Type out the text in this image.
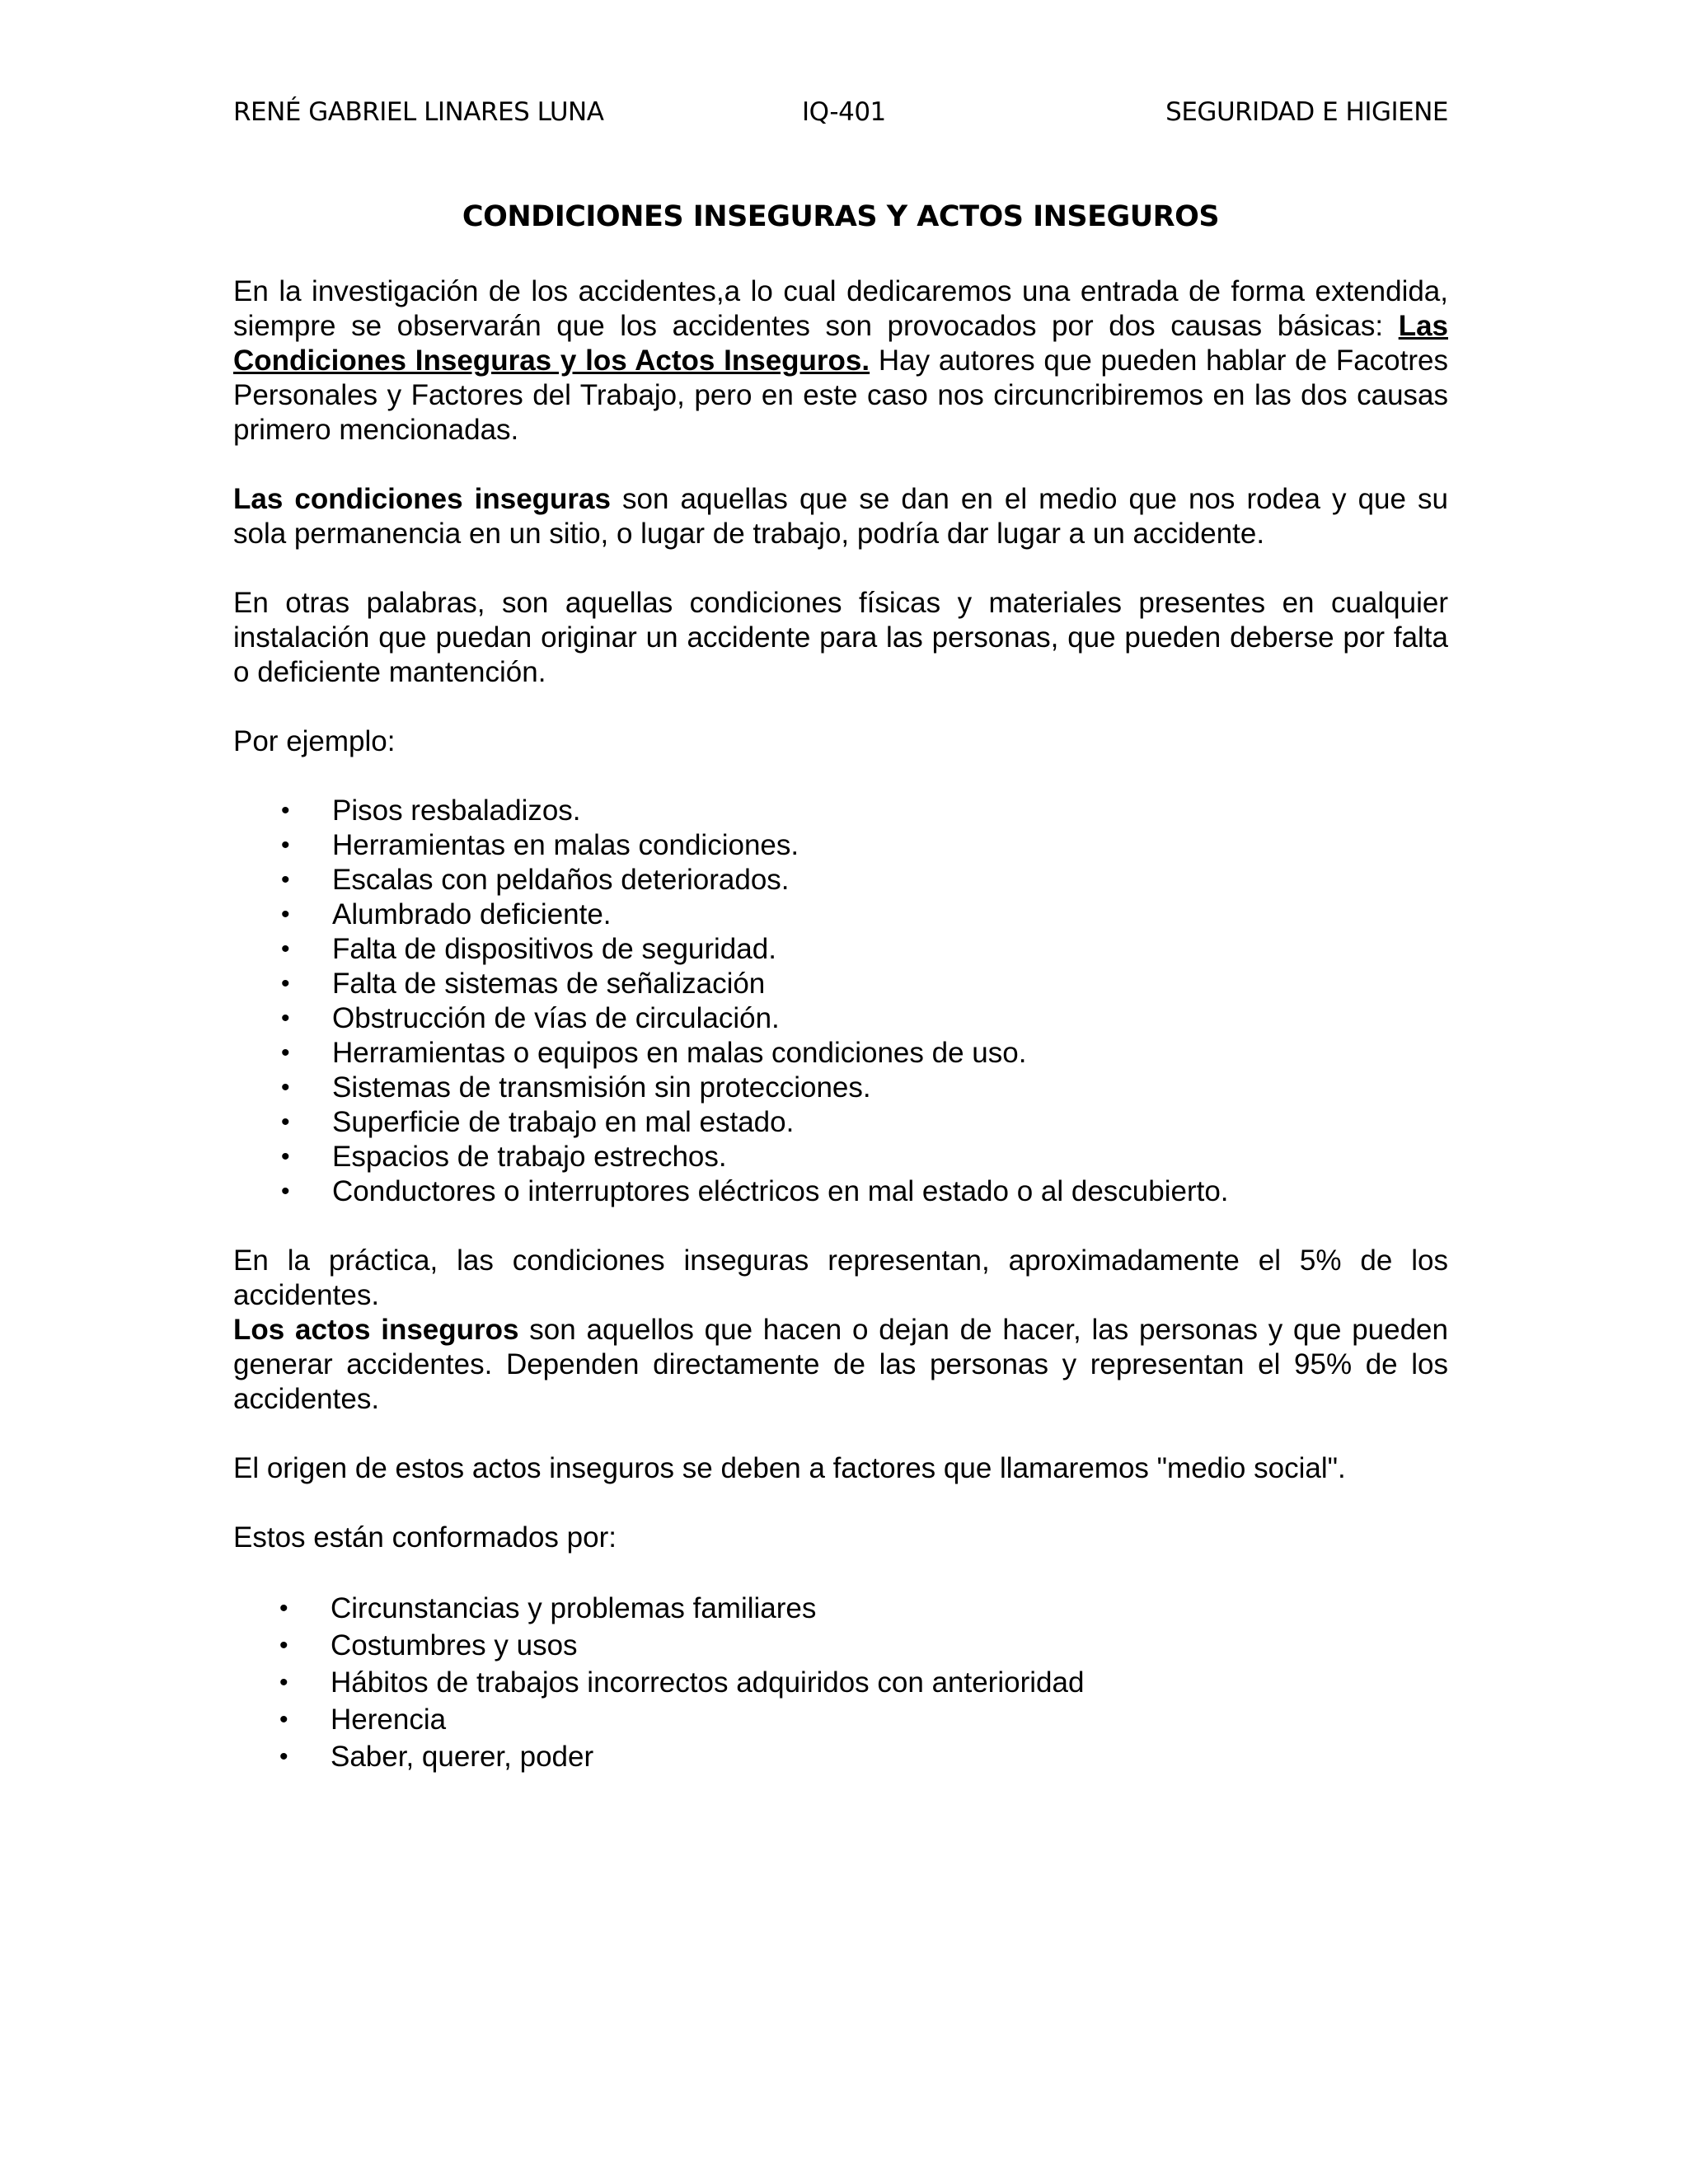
RENÉ GABRIEL LINARES LUNA	IQ-401	SEGURIDAD E HIGIENE
CONDICIONES INSEGURAS Y ACTOS INSEGUROS

En la investigación de los accidentes,a lo cual dedicaremos una entrada de forma extendida, siempre se observarán que los accidentes son provocados por dos causas básicas: Las Condiciones Inseguras y los Actos Inseguros. Hay autores que pueden hablar de Facotres Personales y Factores del Trabajo, pero en este caso nos circuncribiremos en las dos causas primero mencionadas.

Las condiciones inseguras son aquellas que se dan en el medio que nos rodea y que su sola permanencia en un sitio, o lugar de trabajo, podría dar lugar a un accidente.

En otras palabras, son aquellas condiciones físicas y materiales presentes en cualquier instalación que puedan originar un accidente para las personas, que pueden deberse por falta o deficiente mantención.

Por ejemplo:

• Pisos resbaladizos.
• Herramientas en malas condiciones.
• Escalas con peldaños deteriorados.
• Alumbrado deficiente.
• Falta de dispositivos de seguridad.
• Falta de sistemas de señalización
• Obstrucción de vías de circulación.
• Herramientas o equipos en malas condiciones de uso.
• Sistemas de transmisión sin protecciones.
• Superficie de trabajo en mal estado.
• Espacios de trabajo estrechos.
• Conductores o interruptores eléctricos en mal estado o al descubierto.

En la práctica, las condiciones inseguras representan, aproximadamente el 5% de los accidentes.

Los actos inseguros son aquellos que hacen o dejan de hacer, las personas y que pueden generar accidentes. Dependen directamente de las personas y representan el 95% de los accidentes.

El origen de estos actos inseguros se deben a factores que llamaremos "medio social".

Estos están conformados por:

• Circunstancias y problemas familiares
• Costumbres y usos
• Hábitos de trabajos incorrectos adquiridos con anterioridad
• Herencia
• Saber, querer, poder
